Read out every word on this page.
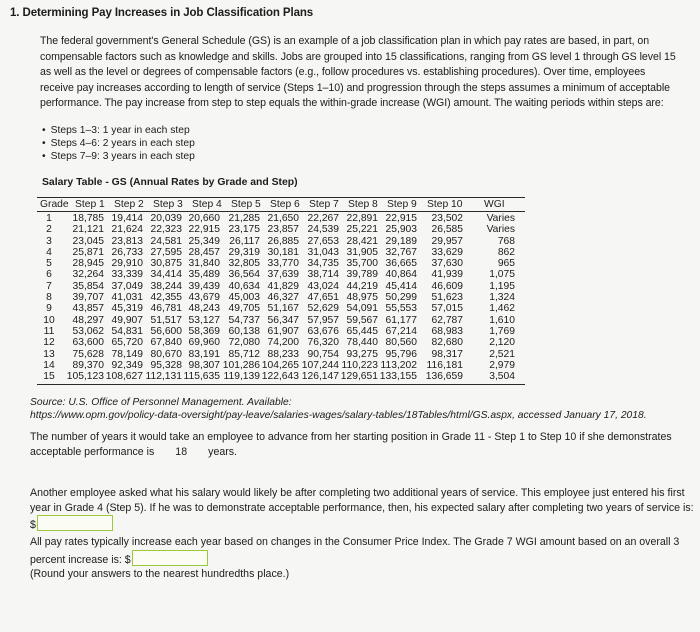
1. Determining Pay Increases in Job Classification Plans
The federal government's General Schedule (GS) is an example of a job classification plan in which pay rates are based, in part, on compensable factors such as knowledge and skills. Jobs are grouped into 15 classifications, ranging from GS level 1 through GS level 15 as well as the level or degrees of compensable factors (e.g., follow procedures vs. establishing procedures). Over time, employees receive pay increases according to length of service (Steps 1–10) and progression through the steps assumes a minimum of acceptable performance. The pay increase from step to step equals the within-grade increase (WGI) amount. The waiting periods within steps are:
• Steps 1–3: 1 year in each step
• Steps 4–6: 2 years in each step
• Steps 7–9: 3 years in each step
Salary Table - GS (Annual Rates by Grade and Step)
Grade Step 1 Step 2 Step 3 Step 4 Step 5 Step 6 Step 7 Step 8 Step 9 Step 10 WGI
1	18,785 19,414 20,039 20,660 21,285 21,650 22,267 22,891 22,915 23,502 Varies
2	21,121 21,624 22,323 22,915 23,175 23,857 24,539 25,221 25,903 26,585 Varies
3	23,045 23,813 24,581 25,349 26,117 26,885 27,653 28,421 29,189 29,957	768
4	25,871 26,733 27,595 28,457 29,319 30,181 31,043 31,905 32,767 33,629	862
5	28,945 29,910 30,875 31,840 32,805 33,770 34,735 35,700 36,665 37,630	965
6	32,264 33,339 34,414 35,489 36,564 37,639 38,714 39,789 40,864 41,939	1,075
7	35,854 37,049 38,244 39,439 40,634 41,829 43,024 44,219 45,414 46,609	1,195
8	39,707 41,031 42,355 43,679 45,003 46,327 47,651 48,975 50,299 51,623	1,324
9	43,857 45,319 46,781 48,243 49,705 51,167 52,629 54,091 55,553 57,015	1,462
10	48,297 49,907 51,517 53,127 54,737 56,347 57,957 59,567 61,177 62,787	1,610
11	53,062 54,831 56,600 58,369 60,138 61,907 63,676 65,445 67,214 68,983	1,769
12	63,600 65,720 67,840 69,960 72,080 74,200 76,320 78,440 80,560 82,680	2,120
13	75,628 78,149 80,670 83,191 85,712 88,233 90,754 93,275 95,796 98,317	2,521
14	89,370 92,349 95,328 98,307 101,286 104,265 107,244 110,223 113,202 116,181	2,979
15	105,123 108,627 112,131 115,635 119,139 122,643 126,147 129,651 133,155 136,659	3,504
Source: U.S. Office of Personnel Management. Available:
https://www.opm.gov/policy-data-oversight/pay-leave/salaries-wages/salary-tables/18Tables/html/GS.aspx, accessed January 17, 2018.
The number of years it would take an employee to advance from her starting position in Grade 11 - Step 1 to Step 10 if she demonstrates acceptable performance is 18 years.
Another employee asked what his salary would likely be after completing two additional years of service. This employee just entered his first year in Grade 4 (Step 5). If he was to demonstrate acceptable performance, then, his expected salary after completing two years of service is: $
All pay rates typically increase each year based on changes in the Consumer Price Index. The Grade 7 WGI amount based on an overall 3 percent increase is: $
(Round your answers to the nearest hundredths place.)
